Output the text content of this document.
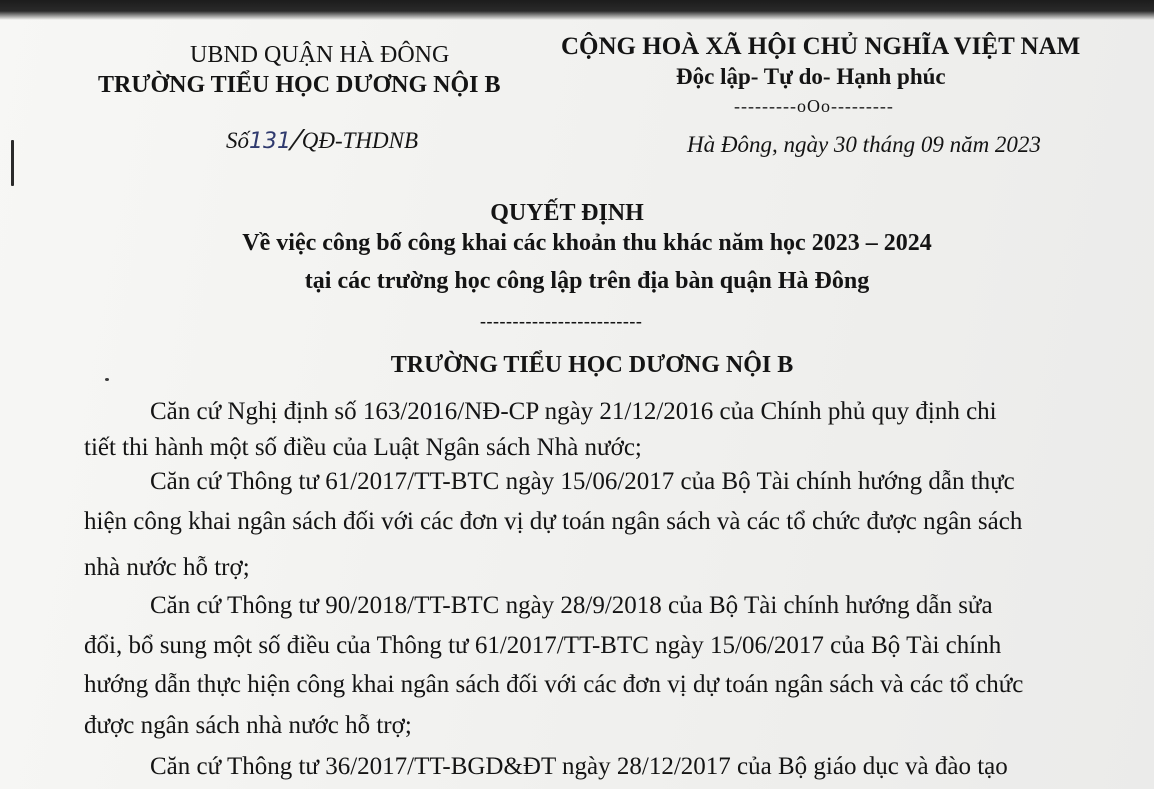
UBND QUẬN HÀ ĐÔNG
TRƯỜNG TIỂU HỌC DƯƠNG NỘI B
Số131/QĐ-THDNB
CỘNG HOÀ XÃ HỘI CHỦ NGHĨA VIỆT NAM
Độc lập- Tự do- Hạnh phúc
---------oOo---------
Hà Đông, ngày 30 tháng 09 năm 2023
QUYẾT ĐỊNH
Về việc công bố công khai các khoản thu khác năm học 2023 – 2024
tại các trường học công lập trên địa bàn quận Hà Đông
-------------------------
TRƯỜNG TIỂU HỌC DƯƠNG NỘI B
Căn cứ Nghị định số 163/2016/NĐ-CP ngày 21/12/2016 của Chính phủ quy định chi
tiết thi hành một số điều của Luật Ngân sách Nhà nước;
Căn cứ Thông tư 61/2017/TT-BTC ngày 15/06/2017 của Bộ Tài chính hướng dẫn thực
hiện công khai ngân sách đối với các đơn vị dự toán ngân sách và các tổ chức được ngân sách
nhà nước hỗ trợ;
Căn cứ Thông tư 90/2018/TT-BTC ngày 28/9/2018 của Bộ Tài chính hướng dẫn sửa
đổi, bổ sung một số điều của Thông tư 61/2017/TT-BTC ngày 15/06/2017 của Bộ Tài chính
hướng dẫn thực hiện công khai ngân sách đối với các đơn vị dự toán ngân sách và các tổ chức
được ngân sách nhà nước hỗ trợ;
Căn cứ Thông tư 36/2017/TT-BGD&ĐT ngày 28/12/2017 của Bộ giáo dục và đào tạo
